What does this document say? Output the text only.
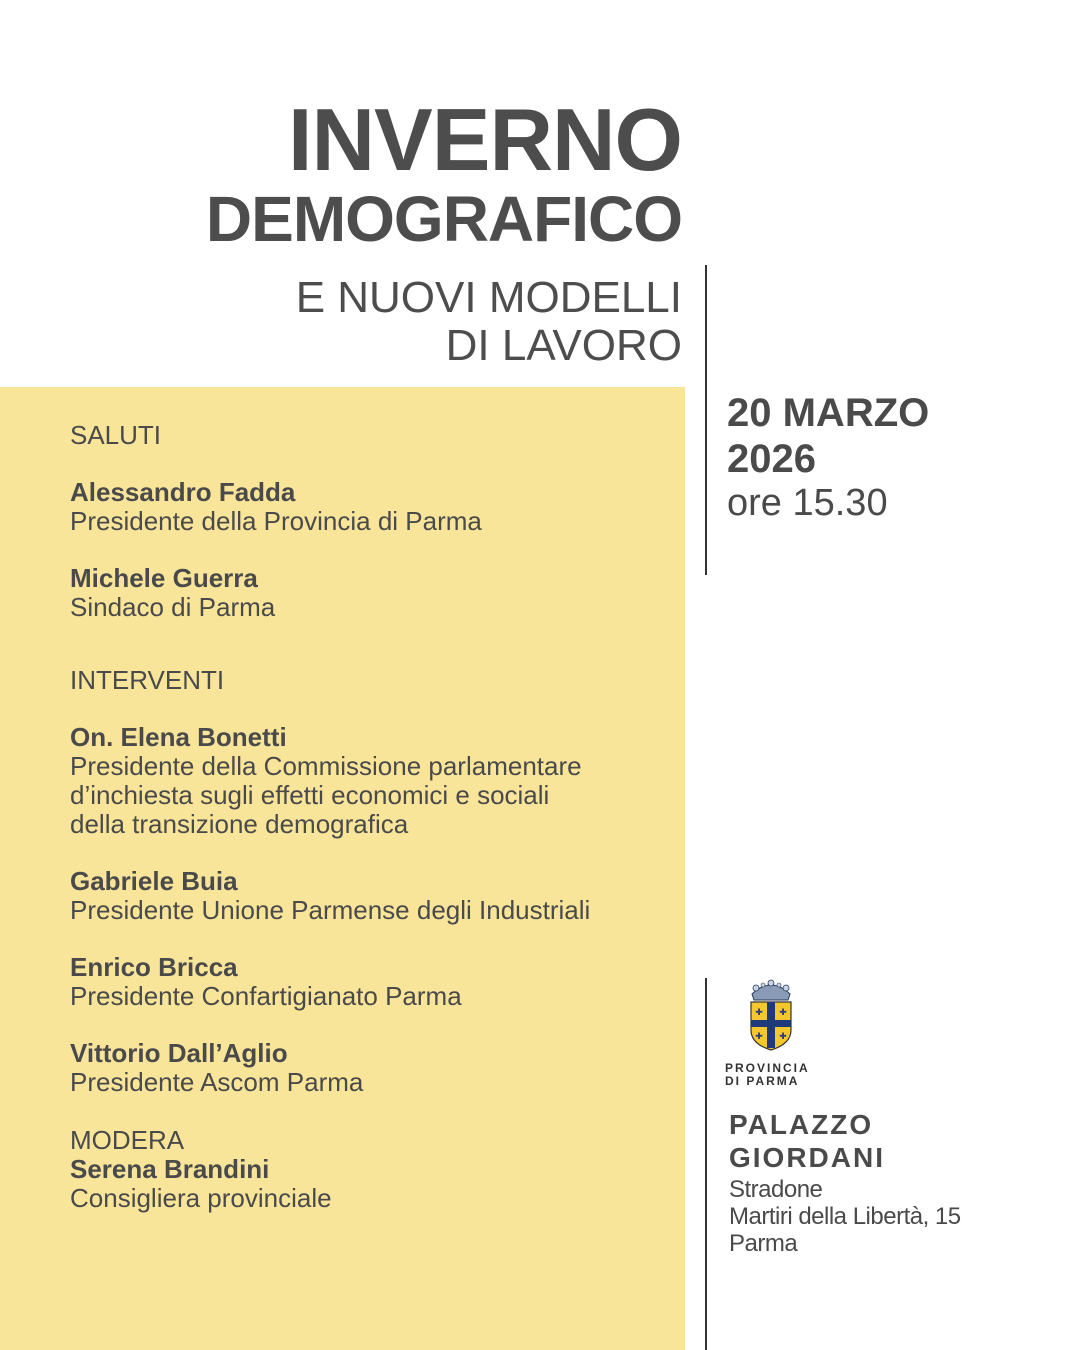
INVERNO
DEMOGRAFICO
E NUOVI MODELLI
DI LAVORO
20 MARZO
2026
ore 15.30
SALUTI
Alessandro Fadda
Presidente della Provincia di Parma
Michele Guerra
Sindaco di Parma
INTERVENTI
On. Elena Bonetti
Presidente della Commissione parlamentare
d’inchiesta sugli effetti economici e sociali
della transizione demografica
Gabriele Buia
Presidente Unione Parmense degli Industriali
Enrico Bricca
Presidente Confartigianato Parma
Vittorio Dall’Aglio
Presidente Ascom Parma
MODERA
Serena Brandini
Consigliera provinciale
✚ ✚
✚ ✚
PROVINCIA
DI PARMA
PALAZZO
GIORDANI
Stradone
Martiri della Libertà, 15
Parma
